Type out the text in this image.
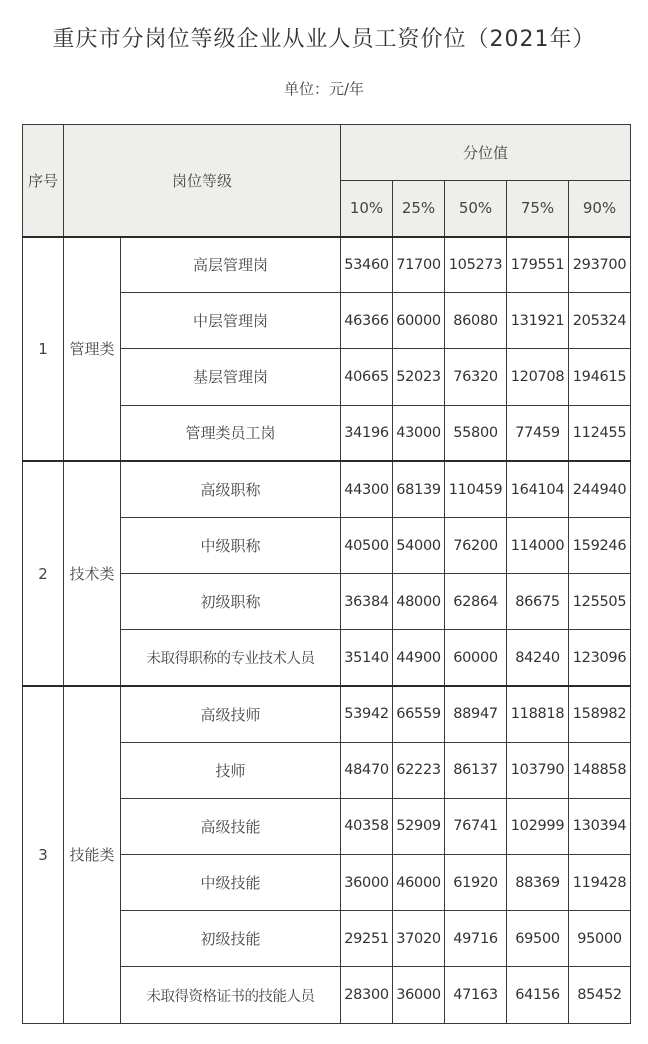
重庆市分岗位等级企业从业人员工资价位（2021年）
单位：元/年
序号	岗位等级		分位值				
			10%	25%	50%	75%	90%
1	管理类	高层管理岗	53460	71700	105273	179551	293700
		中层管理岗	46366	60000	86080	131921	205324
		基层管理岗	40665	52023	76320	120708	194615
		管理类员工岗	34196	43000	55800	77459	112455
2	技术类	高级职称	44300	68139	110459	164104	244940
		中级职称	40500	54000	76200	114000	159246
		初级职称	36384	48000	62864	86675	125505
		未取得职称的专业技术人员	35140	44900	60000	84240	123096
3	技能类	高级技师	53942	66559	88947	118818	158982
		技师	48470	62223	86137	103790	148858
		高级技能	40358	52909	76741	102999	130394
		中级技能	36000	46000	61920	88369	119428
		初级技能	29251	37020	49716	69500	95000
		未取得资格证书的技能人员	28300	36000	47163	64156	85452
